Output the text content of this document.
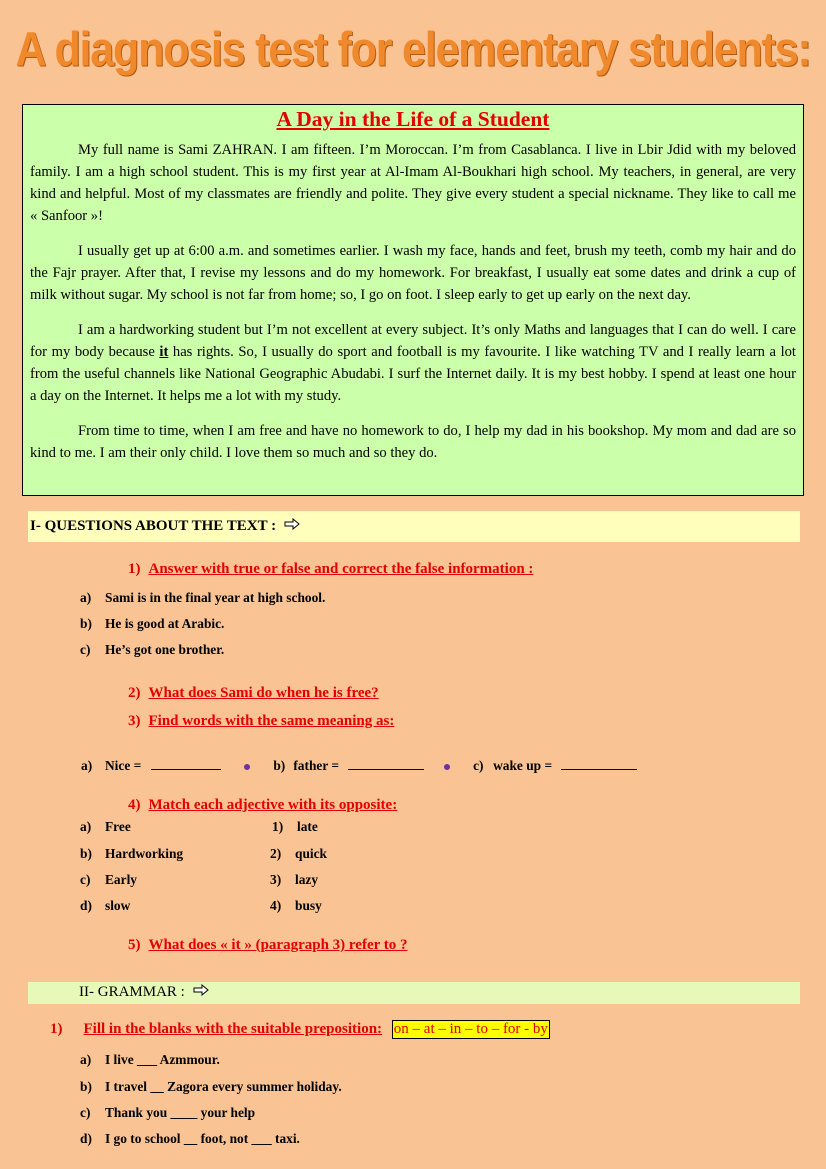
A diagnosis test for elementary students:
A Day in the Life of a Student

My full name is Sami ZAHRAN. I am fifteen. I’m Moroccan. I’m from Casablanca. I live in Lbir Jdid with my beloved family. I am a high school student. This is my first year at Al-Imam Al-Boukhari high school. My teachers, in general, are very kind and helpful. Most of my classmates are friendly and polite. They give every student a special nickname. They like to call me « Sanfoor »!

I usually get up at 6:00 a.m. and sometimes earlier. I wash my face, hands and feet, brush my teeth, comb my hair and do the Fajr prayer. After that, I revise my lessons and do my homework. For breakfast, I usually eat some dates and drink a cup of milk without sugar. My school is not far from home; so, I go on foot. I sleep early to get up early on the next day.

I am a hardworking student but I’m not excellent at every subject. It’s only Maths and languages that I can do well. I care for my body because it has rights. So, I usually do sport and football is my favourite. I like watching TV and I really learn a lot from the useful channels like National Geographic Abudabi. I surf the Internet daily. It is my best hobby. I spend at least one hour a day on the Internet. It helps me a lot with my study.

From time to time, when I am free and have no homework to do, I help my dad in his bookshop. My mom and dad are so kind to me. I am their only child. I love them so much and so they do.

I- QUESTIONS ABOUT THE TEXT :
1) Answer with true or false and correct the false information :
a) Sami is in the final year at high school.
b) He is good at Arabic.
c) He’s got one brother.
2) What does Sami do when he is free?
3) Find words with the same meaning as:
a) Nice =	b) father =	c) wake up =
4) Match each adjective with its opposite:
a) Free
b) Hardworking
c) Early
d) slow
1) late
2) quick
3) lazy
4) busy
5) What does « it » (paragraph 3) refer to ?
II- GRAMMAR :
1) Fill in the blanks with the suitable preposition: on – at – in – to – for - by
a) I live ___ Azmmour.
b) I travel __ Zagora every summer holiday.
c) Thank you ____ your help
d) I go to school __ foot, not ___ taxi.
